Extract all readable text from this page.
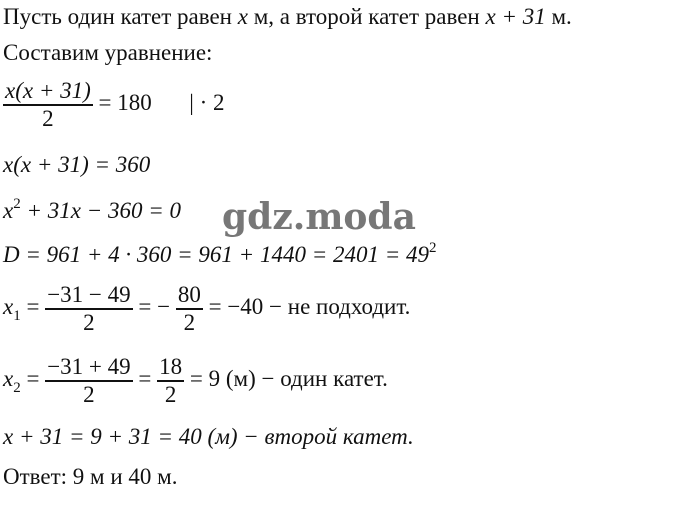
Пусть один катет равен x м, а второй катет равен x + 31 м.
Составим уравнение:
$\frac{x(x + 31)}{2} = 180$ | · 2
x(x + 31) = 360
$x^2 + 31x - 360 = 0$
$D = 961 + 4 \cdot 360 = 961 + 1440 = 2401 = 49^2$
$x_1 = \frac{-31 - 49}{2}$ = − $\frac{80}{2} = -40$ − не подходит.
$x_2 = \frac{-31 + 49}{2} = \frac{18}{2} = 9$ (м) − один катет.
x + 31 = 9 + 31 = 40 (м) − второй катет.
Ответ: 9 м и 40 м.
gdz.moda
